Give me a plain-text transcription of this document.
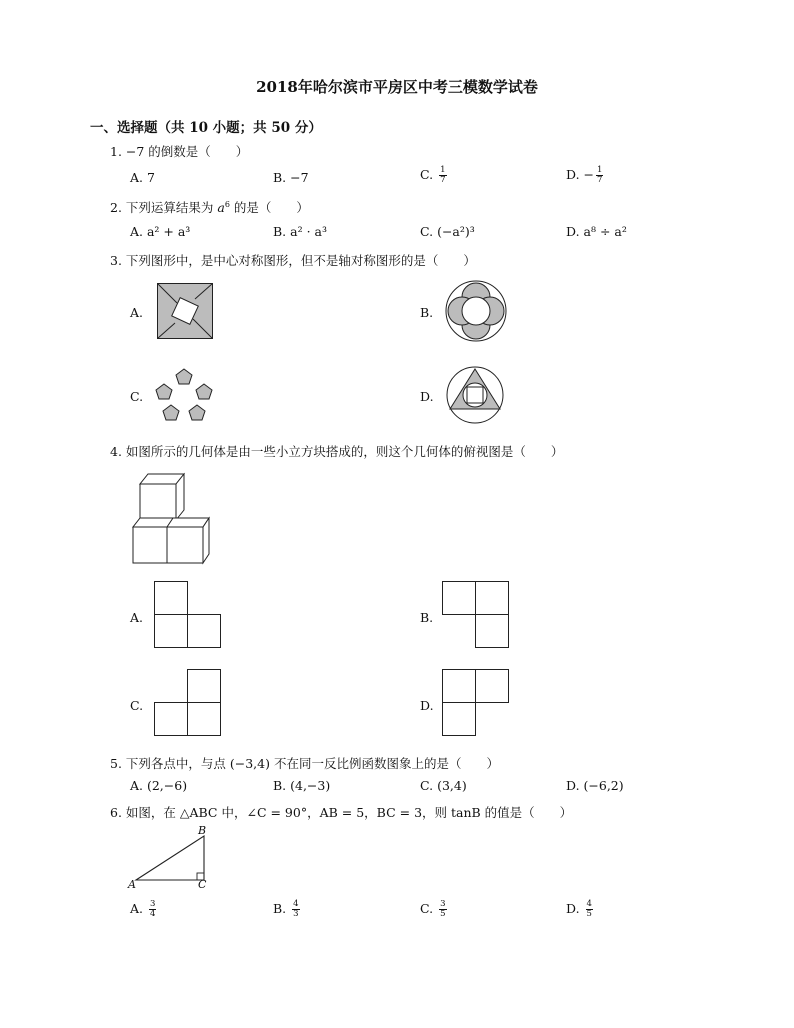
2018年哈尔滨市平房区中考三模数学试卷
一、选择题（共 10 小题；共 50 分）
1. −7 的倒数是（　　）
A. 7	B. −7	C. $\frac{1}{7}$	D. − $\frac{1}{7}$
2. 下列运算结果为 $a^6$ 的是（　　）
A. a² + a³	B. a² · a³	C. (−a²)³	D. a⁸ ÷ a²
3. 下列图形中，是中心对称图形，但不是轴对称图形的是（　　）
A.	B.
C.	D.
4. 如图所示的几何体是由一些小立方块搭成的，则这个几何体的俯视图是（　　）
A.	B.
C.	D.
5. 下列各点中，与点 (−3,4) 不在同一反比例函数图象上的是（　　）
A. (2,−6)	B. (4,−3)	C. (3,4)	D. (−6,2)
6. 如图，在 △ABC 中，∠C = 90°，AB = 5，BC = 3，则 tanB 的值是（　　）
B
A	C
A. $\frac{3}{4}$	B. $\frac{4}{3}$	C. $\frac{3}{5}$	D. $\frac{4}{5}$
